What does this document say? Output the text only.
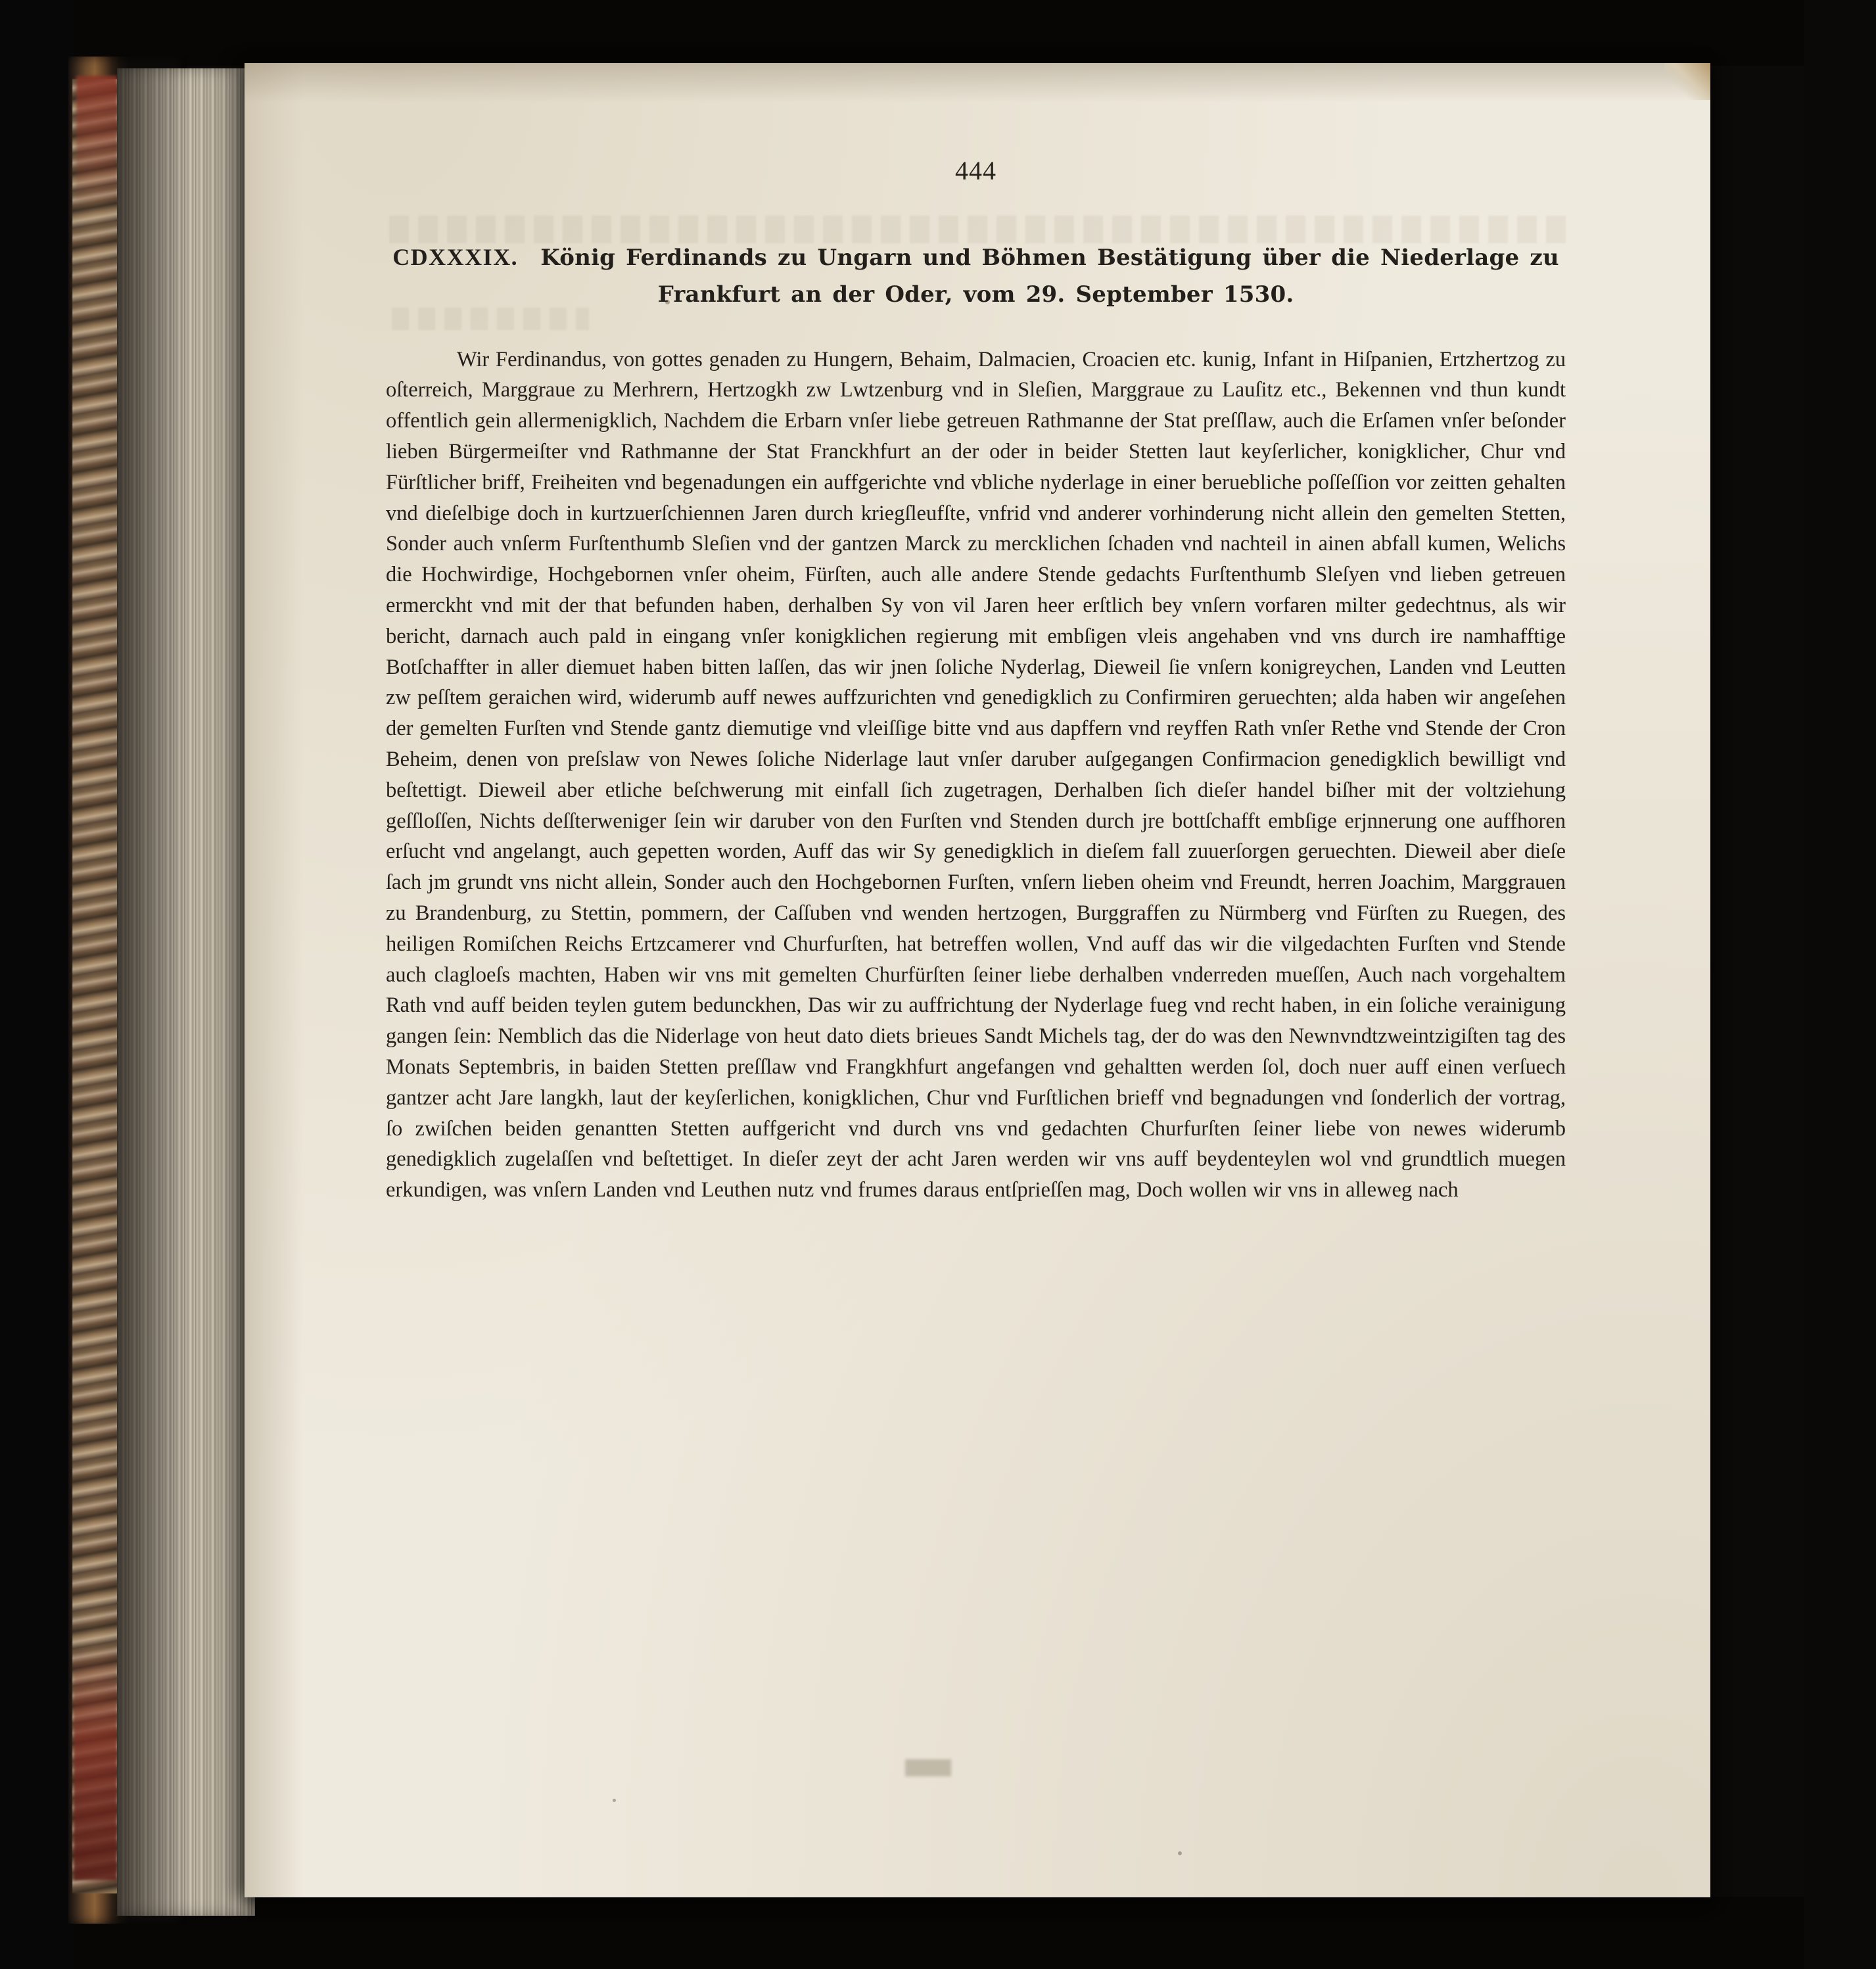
444
CDXXXIX. König Ferdinands zu Ungarn und Böhmen Bestätigung über die Niederlage zu
Frankfurt an der Oder, vom 29. September 1530.

Wir Ferdinandus, von gottes genaden zu Hungern, Behaim, Dalmacien, Croacien etc. kunig, Infant in Hiſpanien, Ertzhertzog zu oſterreich, Marggraue zu Merhrern, Hertzogkh zw Lwtzenburg vnd in Sleſien, Marggraue zu Lauſitz etc., Bekennen vnd thun kundt offentlich gein allermenigklich, Nachdem die Erbarn vnſer liebe getreuen Rathmanne der Stat preſſlaw, auch die Erſamen vnſer beſonder lieben Bürgermeiſter vnd Rathmanne der Stat Franckhfurt an der oder in beider Stetten laut keyſerlicher, konigklicher, Chur vnd Fürſtlicher briff, Freiheiten vnd begenadungen ein auffgerichte vnd vbliche nyderlage in einer beruebliche poſſeſſion vor zeitten gehalten vnd dieſelbige doch in kurtzuerſchiennen Jaren durch kriegſleufſte, vnfrid vnd anderer vorhinderung nicht allein den gemelten Stetten, Sonder auch vnſerm Furſtenthumb Sleſien vnd der gantzen Marck zu mercklichen ſchaden vnd nachteil in ainen abfall kumen, Welichs die Hochwirdige, Hochgebornen vnſer oheim, Fürſten, auch alle andere Stende gedachts Furſtenthumb Sleſyen vnd lieben getreuen ermerckht vnd mit der that befunden haben, derhalben Sy von vil Jaren heer erſtlich bey vnſern vorfaren milter gedechtnus, als wir bericht, darnach auch pald in eingang vnſer konigklichen regierung mit embſigen vleis angehaben vnd vns durch ire namhafftige Botſchaffter in aller diemuet haben bitten laſſen, das wir jnen ſoliche Nyderlag, Dieweil ſie vnſern konigreychen, Landen vnd Leutten zw peſſtem geraichen wird, widerumb auff newes auffzurichten vnd genedigklich zu Confirmiren geruechten; alda haben wir angeſehen der gemelten Furſten vnd Stende gantz diemutige vnd vleiſſige bitte vnd aus dapffern vnd reyffen Rath vnſer Rethe vnd Stende der Cron Beheim, denen von preſslaw von Newes ſoliche Niderlage laut vnſer daruber auſgegangen Confirmacion genedigklich bewilligt vnd beſtettigt. Dieweil aber etliche beſchwerung mit einfall ſich zugetragen, Derhalben ſich dieſer handel biſher mit der voltziehung geſſloſſen, Nichts deſſterweniger ſein wir daruber von den Furſten vnd Stenden durch jre bottſchafft embſige erjnnerung one auffhoren erſucht vnd angelangt, auch gepetten worden, Auff das wir Sy genedigklich in dieſem fall zuuerſorgen geruechten. Dieweil aber dieſe ſach jm grundt vns nicht allein, Sonder auch den Hochgebornen Furſten, vnſern lieben oheim vnd Freundt, herren Joachim, Marggrauen zu Brandenburg, zu Stettin, pommern, der Caſſuben vnd wenden hertzogen, Burggraffen zu Nürmberg vnd Fürſten zu Ruegen, des heiligen Romiſchen Reichs Ertzcamerer vnd Churfurſten, hat betreffen wollen, Vnd auff das wir die vilgedachten Furſten vnd Stende auch clagloeſs machten, Haben wir vns mit gemelten Churfürſten ſeiner liebe derhalben vnderreden mueſſen, Auch nach vorgehaltem Rath vnd auff beiden teylen gutem bedunckhen, Das wir zu auffrichtung der Nyderlage fueg vnd recht haben, in ein ſoliche verainigung gangen ſein: Nemblich das die Niderlage von heut dato diets brieues Sandt Michels tag, der do was den Newnvndtzweintzigiſten tag des Monats Septembris, in baiden Stetten preſſlaw vnd Frangkhfurt angefangen vnd gehaltten werden ſol, doch nuer auff einen verſuech gantzer acht Jare langkh, laut der keyſerlichen, konigklichen, Chur vnd Furſtlichen brieff vnd begnadungen vnd ſonderlich der vortrag, ſo zwiſchen beiden genantten Stetten auffgericht vnd durch vns vnd gedachten Churfurſten ſeiner liebe von newes widerumb genedigklich zugelaſſen vnd beſtettiget. In dieſer zeyt der acht Jaren werden wir vns auff beydenteylen wol vnd grundtlich muegen erkundigen, was vnſern Landen vnd Leuthen nutz vnd frumes daraus entſprieſſen mag, Doch wollen wir vns in alleweg nach
